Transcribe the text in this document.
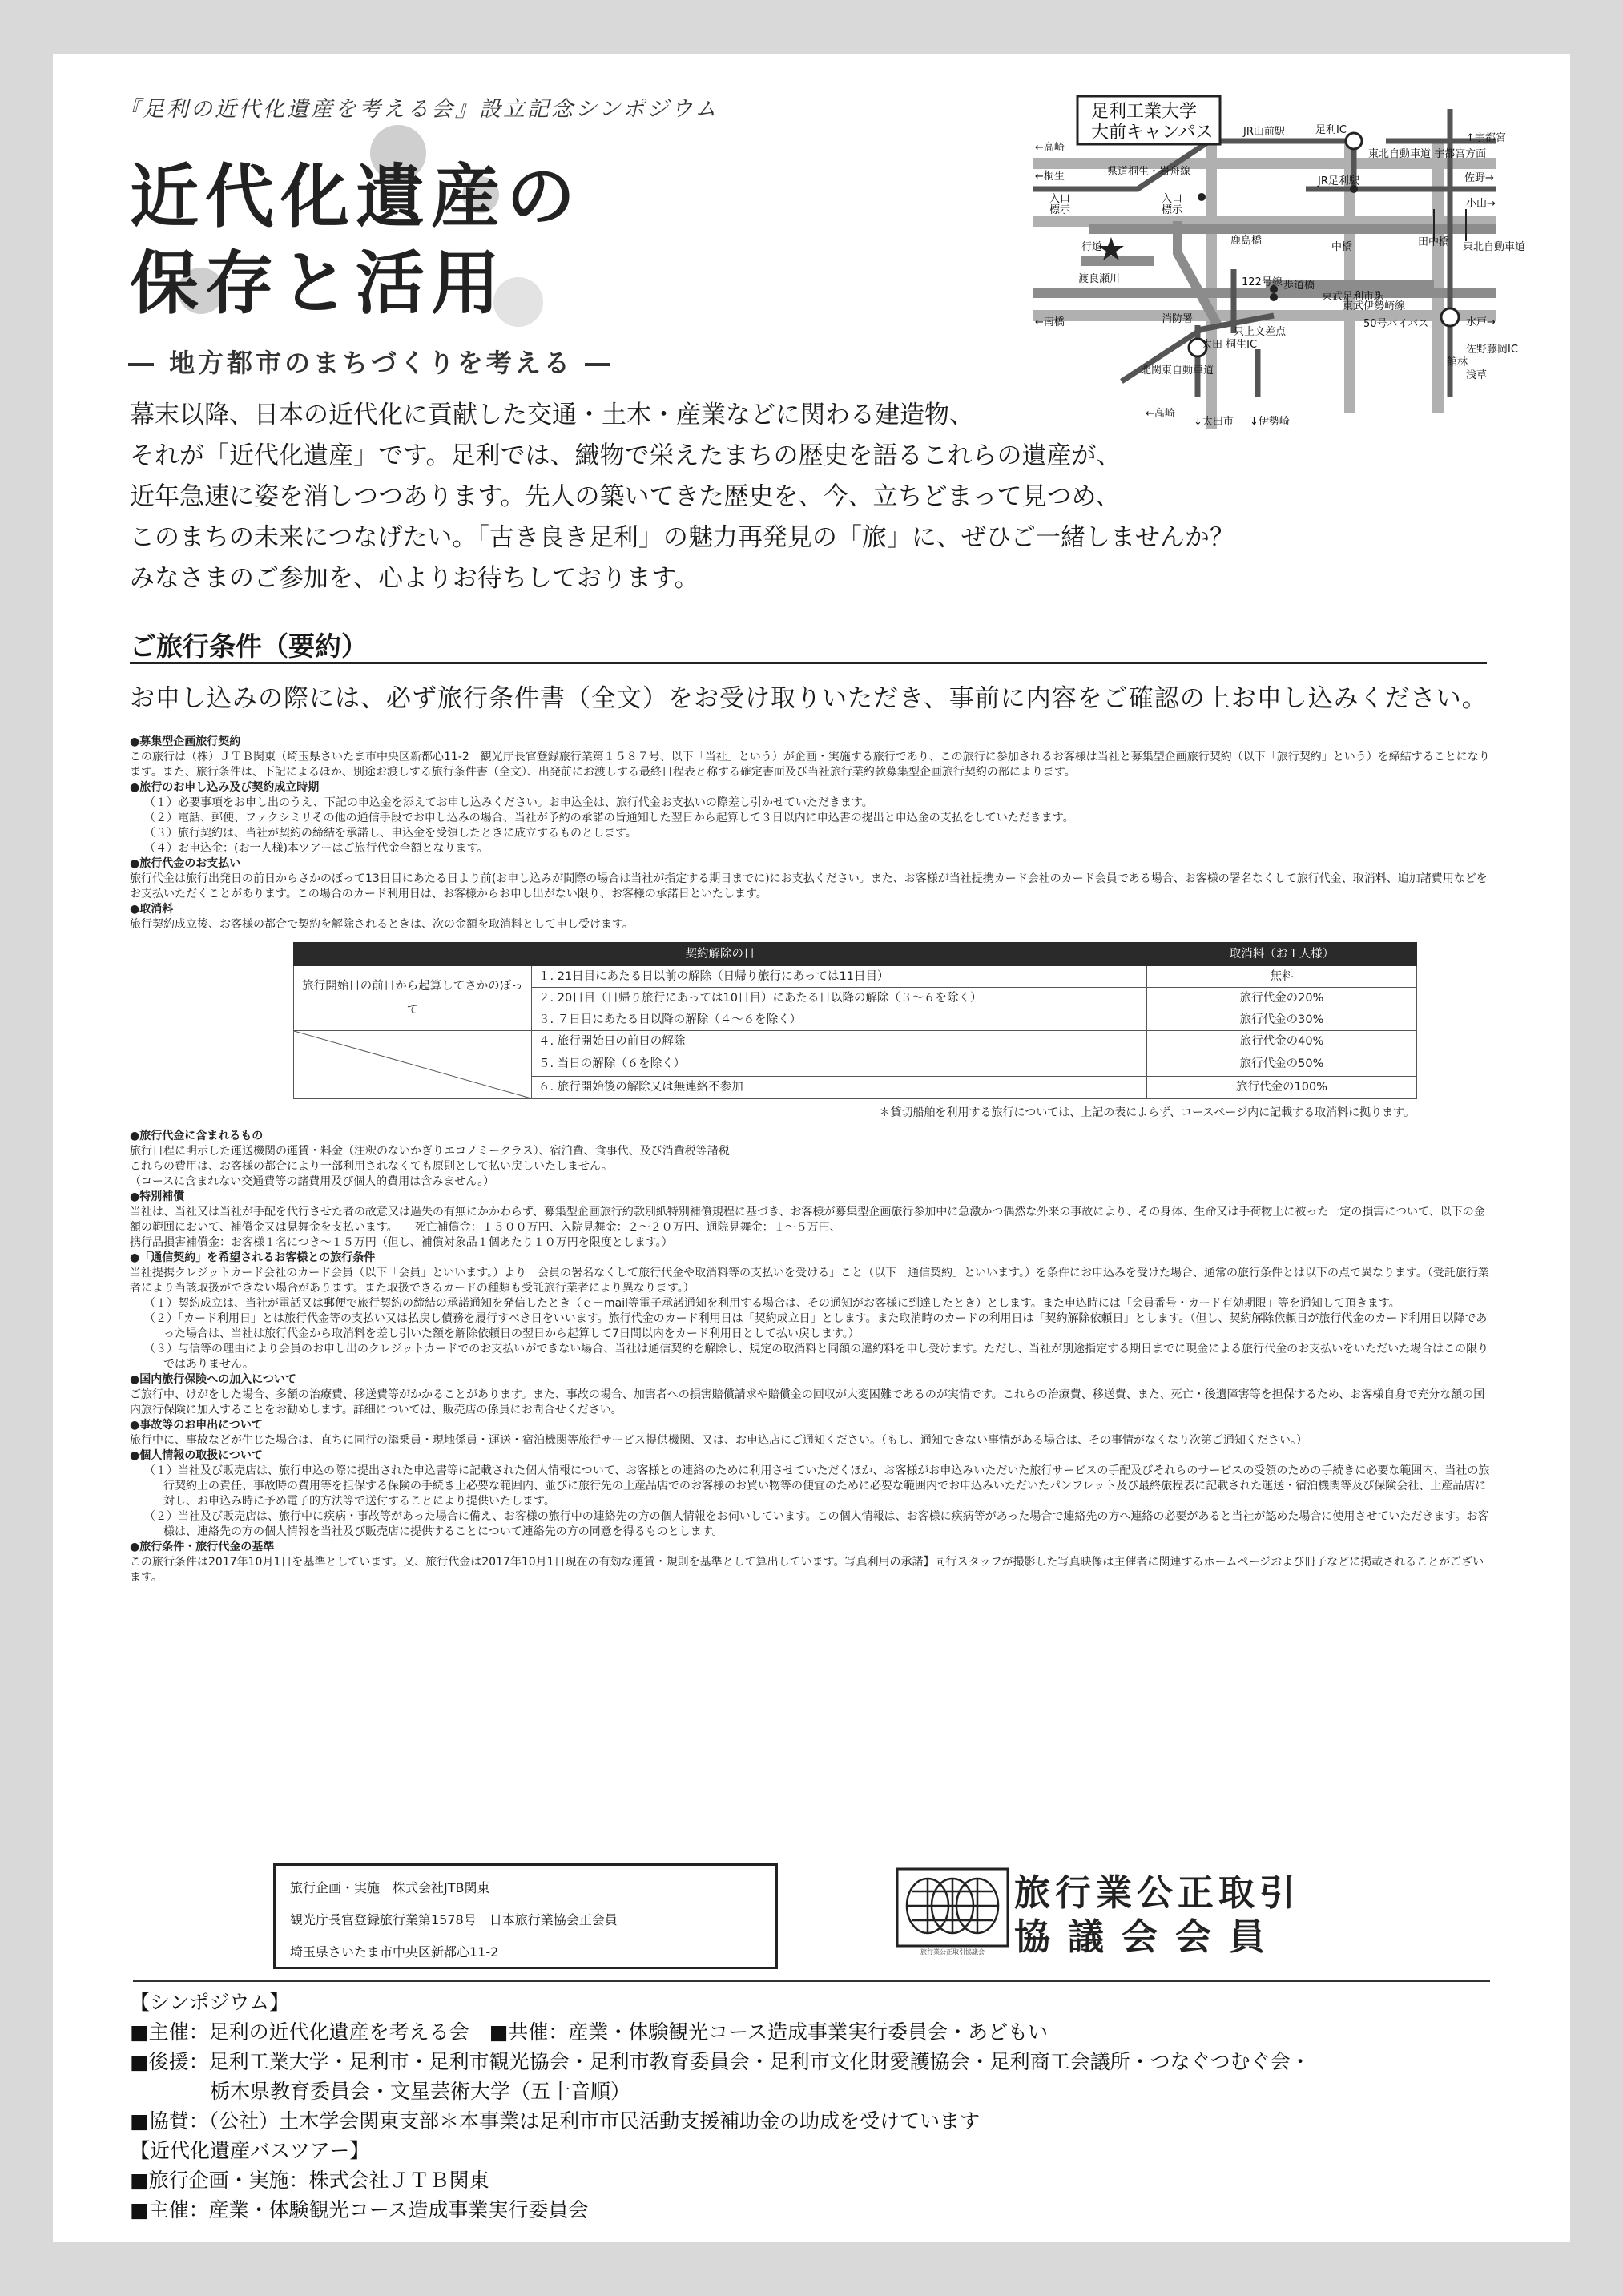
『足利の近代化遺産を考える会』設立記念シンポジウム
近代化遺産の
保存と活用
― 地方都市のまちづくりを考える ―
←高崎
←桐生
JR山前駅	足利IC
県道桐生・岩舟線
入口
標示
入口
標示
JR足利駅
東北自動車道 宇都宮方面
佐野→
↑宇都宮
小山→
渡良瀬川
鹿島橋
中橋
122号線 歩道橋
東武足利市駅
東武伊勢崎線
消防署
只上文差点
50号バイパス
←南橋
田中橋 東北自動車道
水戸→
佐野藤岡IC
北関東自動車道
太田 桐生IC
←高崎
↓太田市 ↓伊勢崎
館林
浅草
行道
足利工業大学
大前キャンパス
幕末以降、日本の近代化に貢献した交通・土木・産業などに関わる建造物、
それが「近代化遺産」です。足利では、織物で栄えたまちの歴史を語るこれらの遺産が、
近年急速に姿を消しつつあります。先人の築いてきた歴史を、今、立ちどまって見つめ、
このまちの未来につなげたい。「古き良き足利」の魅力再発見の「旅」に、ぜひご一緒しませんか？
みなさまのご参加を、心よりお待ちしております。
ご旅行条件（要約）
お申し込みの際には、必ず旅行条件書（全文）をお受け取りいただき、事前に内容をご確認の上お申し込みください。

●募集型企画旅行契約

この旅行は（株）ＪＴＢ関東（埼玉県さいたま市中央区新都心11-2　観光庁長官登録旅行業第１５８７号、以下「当社」という）が企画・実施する旅行であり、この旅行に参加されるお客様は当社と募集型企画旅行契約（以下「旅行契約」という）を締結することになります。また、旅行条件は、下記によるほか、別途お渡しする旅行条件書（全文）、出発前にお渡しする最終日程表と称する確定書面及び当社旅行業約款募集型企画旅行契約の部によります。

●旅行のお申し込み及び契約成立時期

（１）必要事項をお申し出のうえ、下記の申込金を添えてお申し込みください。お申込金は、旅行代金お支払いの際差し引かせていただきます。

（２）電話、郵便、ファクシミリその他の通信手段でお申し込みの場合、当社が予約の承諾の旨通知した翌日から起算して３日以内に申込書の提出と申込金の支払をしていただきます。

（３）旅行契約は、当社が契約の締結を承諾し、申込金を受領したときに成立するものとします。

（４）お申込金：(お一人様)本ツアーはご旅行代金全額となります。

●旅行代金のお支払い

旅行代金は旅行出発日の前日からさかのぼって13日目にあたる日より前(お申し込みが間際の場合は当社が指定する期日までに)にお支払ください。また、お客様が当社提携カード会社のカード会員である場合、お客様の署名なくして旅行代金、取消料、追加諸費用などをお支払いただくことがあります。この場合のカード利用日は、お客様からお申し出がない限り、お客様の承諾日といたします。

●取消料

旅行契約成立後、お客様の都合で契約を解除されるときは、次の金額を取消料として申し受けます。

契約解除の日		取消料（お１人様）
旅行開始日の前日から起算してさかのぼって	１. 21日目にあたる日以前の解除（日帰り旅行にあっては11日目）	無料
	２. 20日目（日帰り旅行にあっては10日目）にあたる日以降の解除（３～６を除く）	旅行代金の20%
	３. ７日目にあたる日以降の解除（４～６を除く）	旅行代金の30%

	４. 旅行開始日の前日の解除	旅行代金の40%
	５. 当日の解除（６を除く）	旅行代金の50%
	６. 旅行開始後の解除又は無連絡不参加	旅行代金の100%
＊貸切船舶を利用する旅行については、上記の表によらず、コースページ内に記載する取消料に拠ります。

●旅行代金に含まれるもの

旅行日程に明示した運送機関の運賃・料金（注釈のないかぎりエコノミークラス）、宿泊費、食事代、及び消費税等諸税

これらの費用は、お客様の都合により一部利用されなくても原則として払い戻しいたしません。

（コースに含まれない交通費等の諸費用及び個人的費用は含みません。）

●特別補償

当社は、当社又は当社が手配を代行させた者の故意又は過失の有無にかかわらず、募集型企画旅行約款別紙特別補償規程に基づき、お客様が募集型企画旅行参加中に急激かつ偶然な外来の事故により、その身体、生命又は手荷物上に被った一定の損害について、以下の金額の範囲において、補償金又は見舞金を支払います。　　死亡補償金：１５００万円、入院見舞金：２～２０万円、通院見舞金：１～５万円、

携行品損害補償金：お客様１名につき～１５万円（但し、補償対象品１個あたり１０万円を限度とします。）

●「通信契約」を希望されるお客様との旅行条件

当社提携クレジットカード会社のカード会員（以下「会員」といいます。）より「会員の署名なくして旅行代金や取消料等の支払いを受ける」こと（以下「通信契約」といいます。）を条件にお申込みを受けた場合、通常の旅行条件とは以下の点で異なります。（受託旅行業者により当該取扱ができない場合があります。また取扱できるカードの種類も受託旅行業者により異なります。）

（１）契約成立は、当社が電話又は郵便で旅行契約の締結の承諾通知を発信したとき（ｅ－mail等電子承諾通知を利用する場合は、その通知がお客様に到達したとき）とします。また申込時には「会員番号・カード有効期限」等を通知して頂きます。

（２）「カード利用日」とは旅行代金等の支払い又は払戻し債務を履行すべき日をいいます。旅行代金のカード利用日は「契約成立日」とします。また取消時のカードの利用日は「契約解除依頼日」とします。（但し、契約解除依頼日が旅行代金のカード利用日以降であった場合は、当社は旅行代金から取消料を差し引いた額を解除依頼日の翌日から起算して7日間以内をカード利用日として払い戻します。）

（３）与信等の理由により会員のお申し出のクレジットカードでのお支払いができない場合、当社は通信契約を解除し、規定の取消料と同額の違約料を申し受けます。ただし、当社が別途指定する期日までに現金による旅行代金のお支払いをいただいた場合はこの限りではありません。

●国内旅行保険への加入について

ご旅行中、けがをした場合、多額の治療費、移送費等がかかることがあります。また、事故の場合、加害者への損害賠償請求や賠償金の回収が大変困難であるのが実情です。これらの治療費、移送費、また、死亡・後遺障害等を担保するため、お客様自身で充分な額の国内旅行保険に加入することをお勧めします。詳細については、販売店の係員にお問合せください。

●事故等のお申出について

旅行中に、事故などが生じた場合は、直ちに同行の添乗員・現地係員・運送・宿泊機関等旅行サービス提供機関、又は、お申込店にご通知ください。（もし、通知できない事情がある場合は、その事情がなくなり次第ご通知ください。）

●個人情報の取扱について

（１）当社及び販売店は、旅行申込の際に提出された申込書等に記載された個人情報について、お客様との連絡のために利用させていただくほか、お客様がお申込みいただいた旅行サービスの手配及びそれらのサービスの受領のための手続きに必要な範囲内、当社の旅行契約上の責任、事故時の費用等を担保する保険の手続き上必要な範囲内、並びに旅行先の土産品店でのお客様のお買い物等の便宜のために必要な範囲内でお申込みいただいたパンフレット及び最終旅程表に記載された運送・宿泊機関等及び保険会社、土産品店に対し、お申込み時に予め電子的方法等で送付することにより提供いたします。

（２）当社及び販売店は、旅行中に疾病・事故等があった場合に備え、お客様の旅行中の連絡先の方の個人情報をお伺いしています。この個人情報は、お客様に疾病等があった場合で連絡先の方へ連絡の必要があると当社が認めた場合に使用させていただきます。お客様は、連絡先の方の個人情報を当社及び販売店に提供することについて連絡先の方の同意を得るものとします。

●旅行条件・旅行代金の基準

この旅行条件は2017年10月1日を基準としています。又、旅行代金は2017年10月1日現在の有効な運賃・規則を基準として算出しています。写真利用の承諾】同行スタッフが撮影した写真映像は主催者に関連するホームページおよび冊子などに掲載されることがございます。

旅行企画・実施　株式会社JTB関東
観光庁長官登録旅行業第1578号　日本旅行業協会正会員
埼玉県さいたま市中央区新都心11-2	旅行業公正取引協議会
旅行業公正取引
協議会会員
【シンポジウム】
■主催：足利の近代化遺産を考える会　■共催：産業・体験観光コース造成事業実行委員会・あどもい
■後援：足利工業大学・足利市・足利市観光協会・足利市教育委員会・足利市文化財愛護協会・足利商工会議所・つなぐつむぐ会・
　　　　栃木県教育委員会・文星芸術大学（五十音順）
■協賛：（公社）土木学会関東支部＊本事業は足利市市民活動支援補助金の助成を受けています
【近代化遺産バスツアー】
■旅行企画・実施：株式会社ＪＴＢ関東
■主催：産業・体験観光コース造成事業実行委員会
